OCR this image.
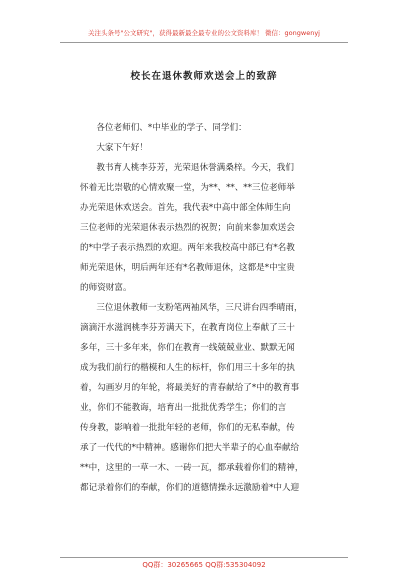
关注头条号"公文研究"，获得最新最全最专业的公文资料库！ 微信：gongwenyj
校长在退休教师欢送会上的致辞

各位老师们、*中毕业的学子、同学们：

大家下午好！

教书育人桃李芬芳，光荣退休誉满桑梓。今天，我们
怀着无比崇敬的心情欢聚一堂，为**、**、**三位老师举
办光荣退休欢送会。首先，我代表*中高中部全体师生向
三位老师的光荣退休表示热烈的祝贺；向前来参加欢送会
的*中学子表示热烈的欢迎。两年来我校高中部已有*名教
师光荣退休，明后两年还有*名教师退休，这都是*中宝贵
的师资财富。

三位退休教师一支粉笔两袖风华，三尺讲台四季晴雨，
滴滴汗水滋润桃李芬芳满天下，在教育岗位上奉献了三十
多年，三十多年来，你们在教育一线兢兢业业、默默无闻
成为我们前行的楷模和人生的标杆，你们用三十多年的执
着，勾画岁月的年轮，将最美好的青春献给了*中的教育事
业，你们不能教诲，培育出一批批优秀学生；你们的言
传身教，影响着一批批年轻的老师，你们的无私奉献，传
承了一代代的*中精神。感谢你们把大半辈子的心血奉献给
**中，这里的一草一木、一砖一瓦，都承载着你们的精神，
都记录着你们的奉献，你们的道德情操永远激励着*中人迎

QQ群：30265665 QQ群:535304092
